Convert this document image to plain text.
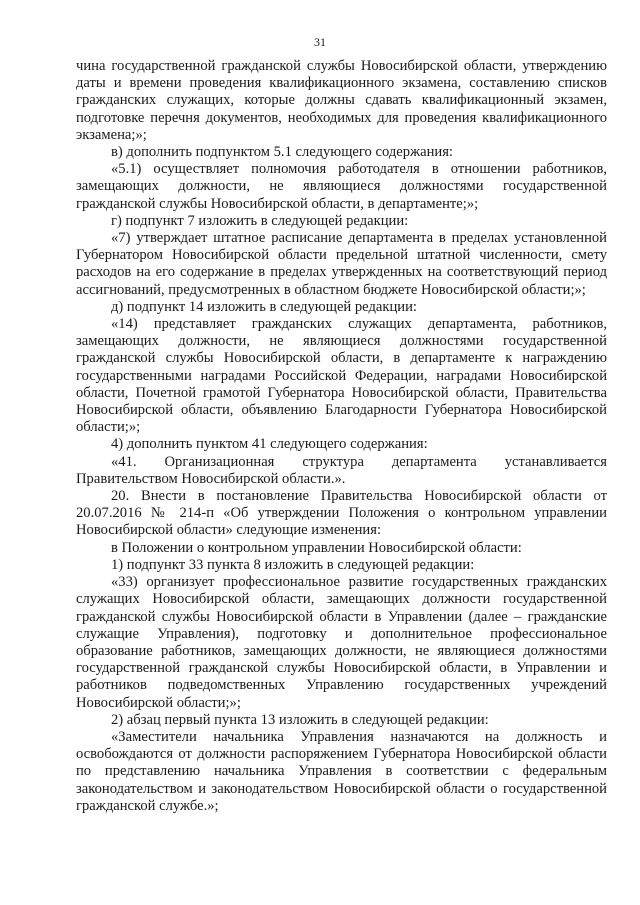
31

чина государственной гражданской службы Новосибирской области, утверждению даты и времени проведения квалификационного экзамена, составлению списков гражданских служащих, которые должны сдавать квалификационный экзамен, подготовке перечня документов, необходимых для проведения квалификационного экзамена;»;

в) дополнить подпунктом 5.1 следующего содержания:

«5.1) осуществляет полномочия работодателя в отношении работников, замещающих должности, не являющиеся должностями государственной гражданской службы Новосибирской области, в департаменте;»;

г) подпункт 7 изложить в следующей редакции:

«7) утверждает штатное расписание департамента в пределах установленной Губернатором Новосибирской области предельной штатной численности, смету расходов на его содержание в пределах утвержденных на соответствующий период ассигнований, предусмотренных в областном бюджете Новосибирской области;»;

д) подпункт 14 изложить в следующей редакции:

«14) представляет гражданских служащих департамента, работников, замещающих должности, не являющиеся должностями государственной гражданской службы Новосибирской области, в департаменте к награждению государственными наградами Российской Федерации, наградами Новосибирской области, Почетной грамотой Губернатора Новосибирской области, Правительства Новосибирской области, объявлению Благодарности Губернатора Новосибирской области;»;

4) дополнить пунктом 41 следующего содержания:

«41. Организационная структура департамента устанавливается Правительством Новосибирской области.».

20. Внести в постановление Правительства Новосибирской области от 20.07.2016 № 214-п «Об утверждении Положения о контрольном управлении Новосибирской области» следующие изменения:

в Положении о контрольном управлении Новосибирской области:

1) подпункт 33 пункта 8 изложить в следующей редакции:

«33) организует профессиональное развитие государственных гражданских служащих Новосибирской области, замещающих должности государственной гражданской службы Новосибирской области в Управлении (далее – гражданские служащие Управления), подготовку и дополнительное профессиональное образование работников, замещающих должности, не являющиеся должностями государственной гражданской службы Новосибирской области, в Управлении и работников подведомственных Управлению государственных учреждений Новосибирской области;»;

2) абзац первый пункта 13 изложить в следующей редакции:

«Заместители начальника Управления назначаются на должность и освобождаются от должности распоряжением Губернатора Новосибирской области по представлению начальника Управления в соответствии с федеральным законодательством и законодательством Новосибирской области о государственной гражданской службе.»;
